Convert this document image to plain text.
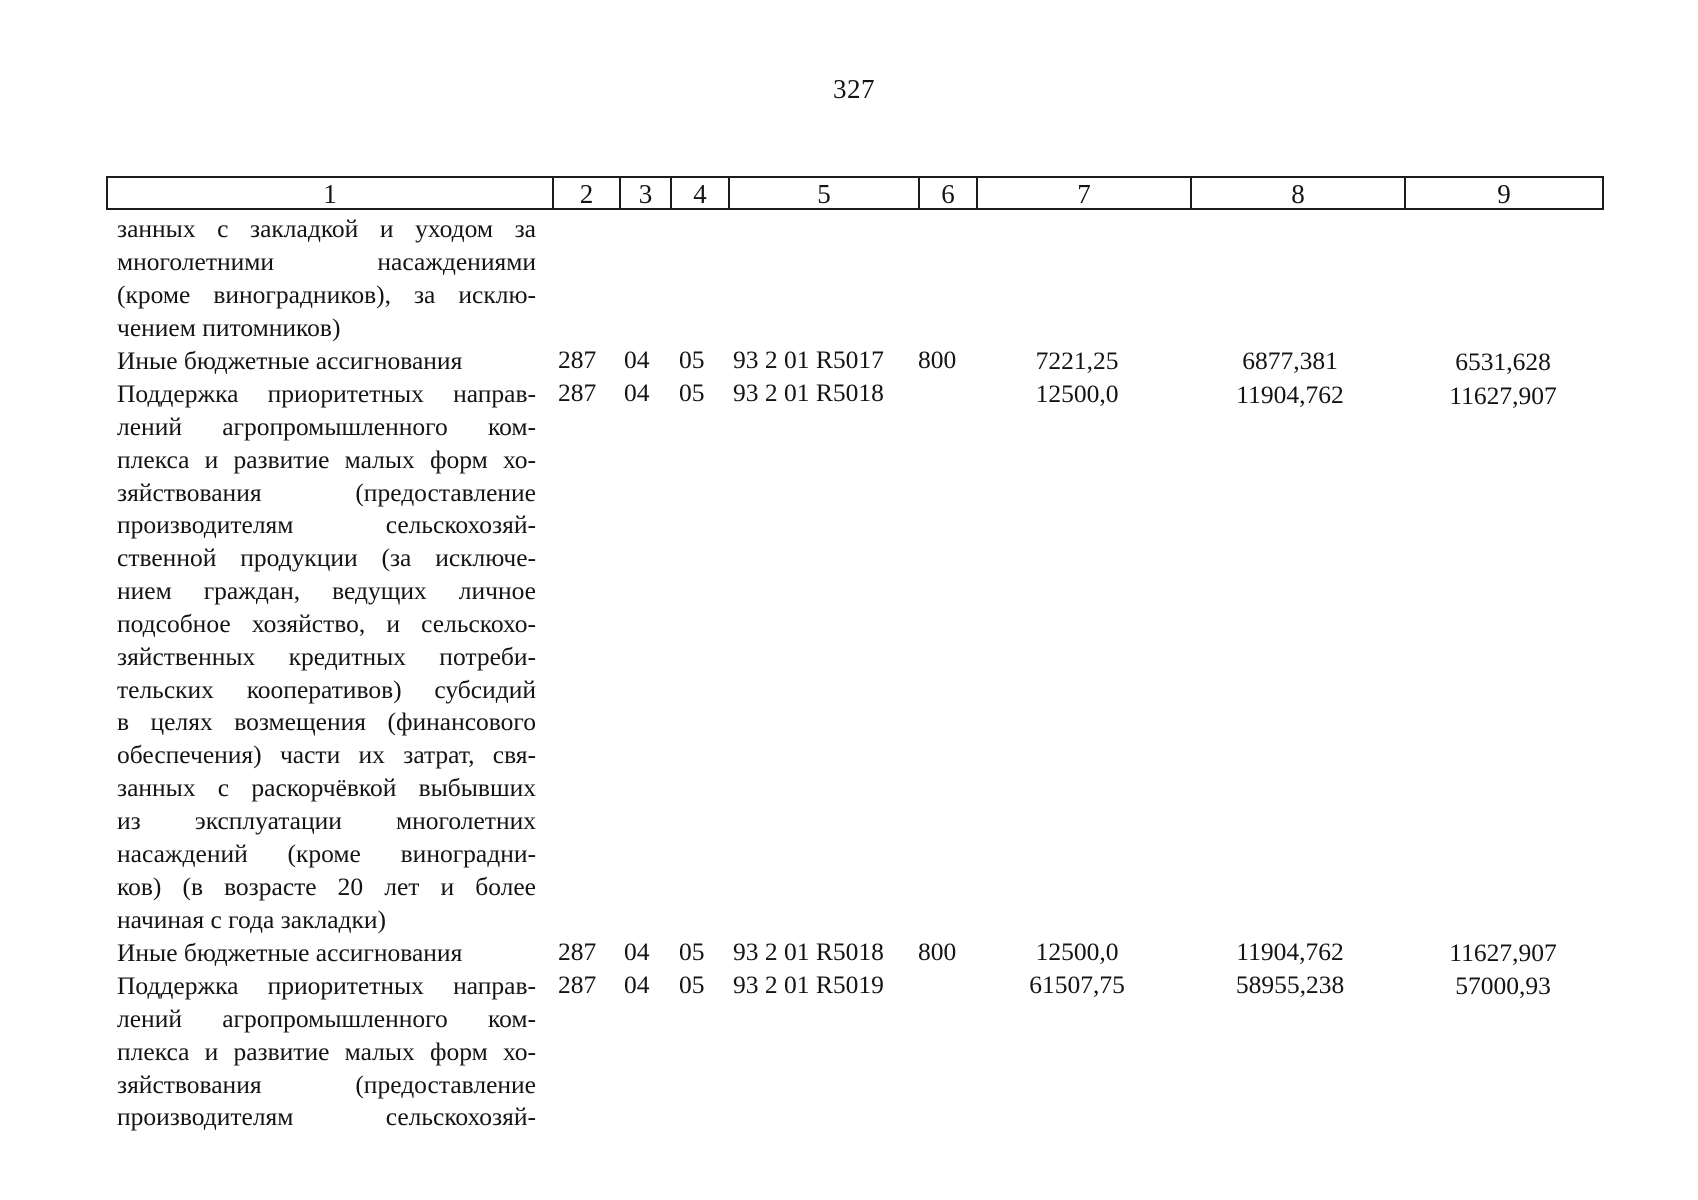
327
1	2	3	4	5	6	7	8	9
занных с закладкой и уходом за
многолетними насаждениями
(кроме виноградников), за исклю-
чением питомников)
Иные бюджетные ассигнования	287 04 05 93 2 01 R5017 800	7221,25	6877,381	6531,628
Поддержка приоритетных направ-
лений агропромышленного ком-
плекса и развитие малых форм хо-
зяйствования (предоставление
производителям сельскохозяй-
ственной продукции (за исключе-
нием граждан, ведущих личное
подсобное хозяйство, и сельскохо-
зяйственных кредитных потреби-
тельских кооперативов) субсидий
в целях возмещения (финансового
обеспечения) части их затрат, свя-
занных с раскорчёвкой выбывших
из эксплуатации многолетних
насаждений (кроме виноградни-
ков) (в возрасте 20 лет и более
начиная с года закладки)
287 04 05 93 2 01 R5018	12500,0	11904,762	11627,907
Иные бюджетные ассигнования	287 04 05 93 2 01 R5018 800	12500,0	11904,762	11627,907
Поддержка приоритетных направ-
лений агропромышленного ком-
плекса и развитие малых форм хо-
зяйствования (предоставление
производителям сельскохозяй-
287 04 05 93 2 01 R5019	61507,75	58955,238	57000,93
